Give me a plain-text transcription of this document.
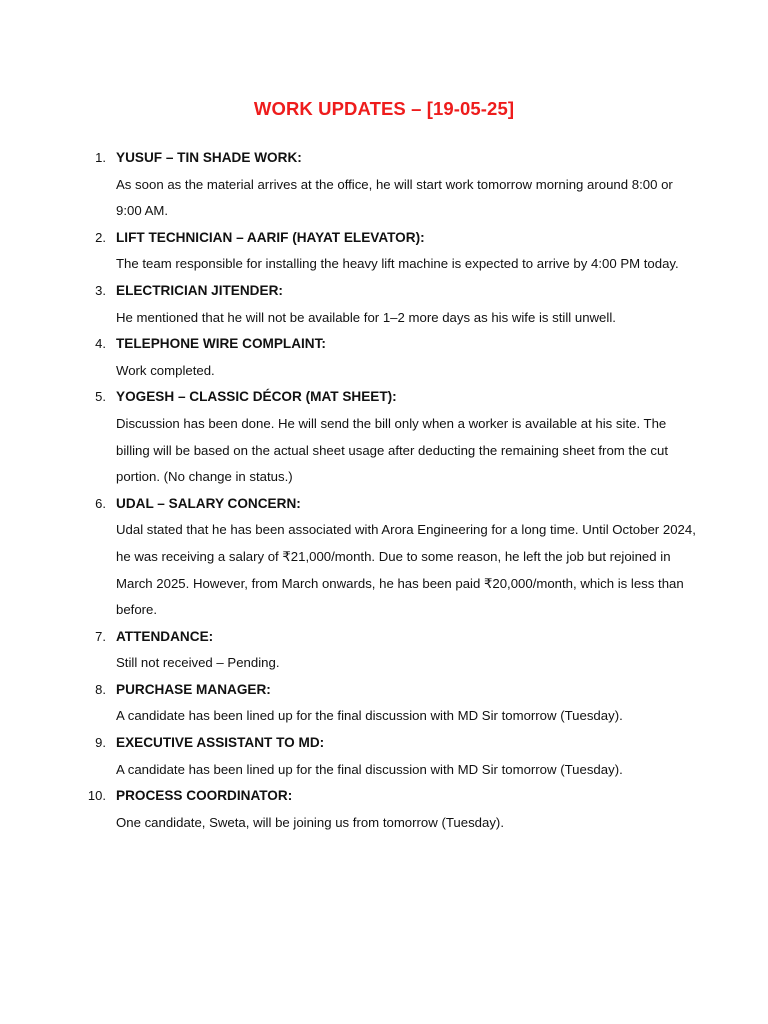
WORK UPDATES – [19-05-25]
1. YUSUF – TIN SHADE WORK:
As soon as the material arrives at the office, he will start work tomorrow morning around 8:00 or 9:00 AM.
2. LIFT TECHNICIAN – AARIF (HAYAT ELEVATOR):
The team responsible for installing the heavy lift machine is expected to arrive by 4:00 PM today.
3. ELECTRICIAN JITENDER:
He mentioned that he will not be available for 1–2 more days as his wife is still unwell.
4. TELEPHONE WIRE COMPLAINT:
Work completed.
5. YOGESH – CLASSIC DÉCOR (MAT SHEET):
Discussion has been done. He will send the bill only when a worker is available at his site. The billing will be based on the actual sheet usage after deducting the remaining sheet from the cut portion. (No change in status.)
6. UDAL – SALARY CONCERN:
Udal stated that he has been associated with Arora Engineering for a long time. Until October 2024, he was receiving a salary of ₹21,000/month. Due to some reason, he left the job but rejoined in March 2025. However, from March onwards, he has been paid ₹20,000/month, which is less than before.
7. ATTENDANCE:
Still not received – Pending.
8. PURCHASE MANAGER:
A candidate has been lined up for the final discussion with MD Sir tomorrow (Tuesday).
9. EXECUTIVE ASSISTANT TO MD:
A candidate has been lined up for the final discussion with MD Sir tomorrow (Tuesday).
10. PROCESS COORDINATOR:
One candidate, Sweta, will be joining us from tomorrow (Tuesday).
